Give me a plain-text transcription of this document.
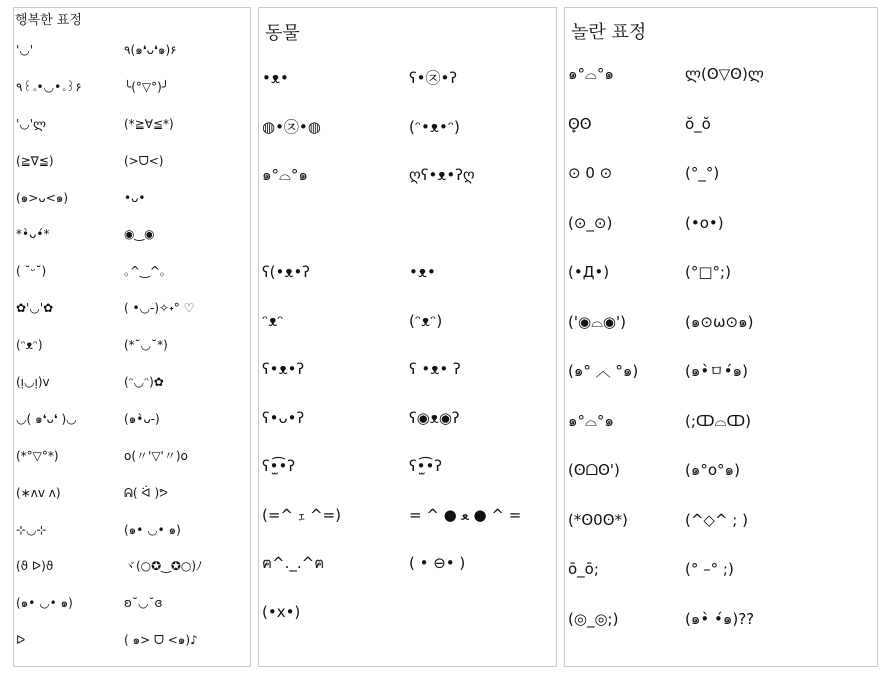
행복한 표정
'◡'	٩(๑❛ᴗ❛๑)۶
٩꒰｡•◡•｡꒱۶	╰(°▽°)╯
'◡'ლ	(*≧∀≦*)
(≧∇≦)	(>ᗜ<)
(๑>ᴗ<๑)	•ᴗ•
*•̀ᴗ•́*	◉‿◉
( ˘ᵕ˘)	｡^‿^｡
✿'◡'✿	( •◡-)✧˖° ♡
(ᵔᴥᵔ)	(*˘◡˘*)
(ᴉ◡ᴉ)v	(ᵔ◡ᵔ)✿
◡( ๑❛ᴗ❛ )◡	(๑•̀ᴗ-)
(*°▽°*)	o(〃'▽'〃)o
(∗ᴧv ᴧ)	ᕱ( ᐛ )ᕗ
⊹◡⊹	(๑• ◡• ๑)
(ϑ ᐅ)ϑ	ヾ(○✪‿✪○)ﾉ
(๑• ◡• ๑)	ʚ˘◡˘ɞ
ᐅ	( ๑> ᗜ <๑)♪
동물
•ᴥ•	ʕ•㉨•ʔ
◍•㉨•◍	(ᵔ•ᴥ•ᵔ)
๑°⌓°๑	ღʕ•ᴥ•ʔღ
ʕ(•ᴥ•ʔ	•ᴥ•
ᵔᴥᵔ	(ᵔᴥᵔ)
ʕ•ᴥ•ʔ	ʕ •ᴥ• ʔ
ʕ•ᴗ•ʔ	ʕ◉ᴥ◉ʔ
ʕ•̫͡•ʔ	ʕ•̫͡•ʔ
(=^ ｪ ^=)	= ^ ● ﻌ ● ^ =
ฅ^._.^ฅ	( • ⊖• )
(•x•)
놀란 표정
๑°⌓°๑	ლ(ʘ▽ʘ)ლ
ʘ̥ʘ	ŏ_ŏ
⊙ 0 ⊙	(°_°)
(⊙_⊙)	(•o•)
(•Д•)	(°□°;)
('◉⌓◉')	(๑⊙ω⊙๑)
(๑° ︿ °๑)	(๑•̀ㅁ•́๑)
๑°⌓°๑	(;ↀ⌓ↀ)
(ʘᗝʘ')	(๑°o°๑)
(*ʘ0ʘ*)	(^◇^ ; )
ō_ō;	(° –° ;)
(◎_◎;)	(๑•̀ •́๑)??
